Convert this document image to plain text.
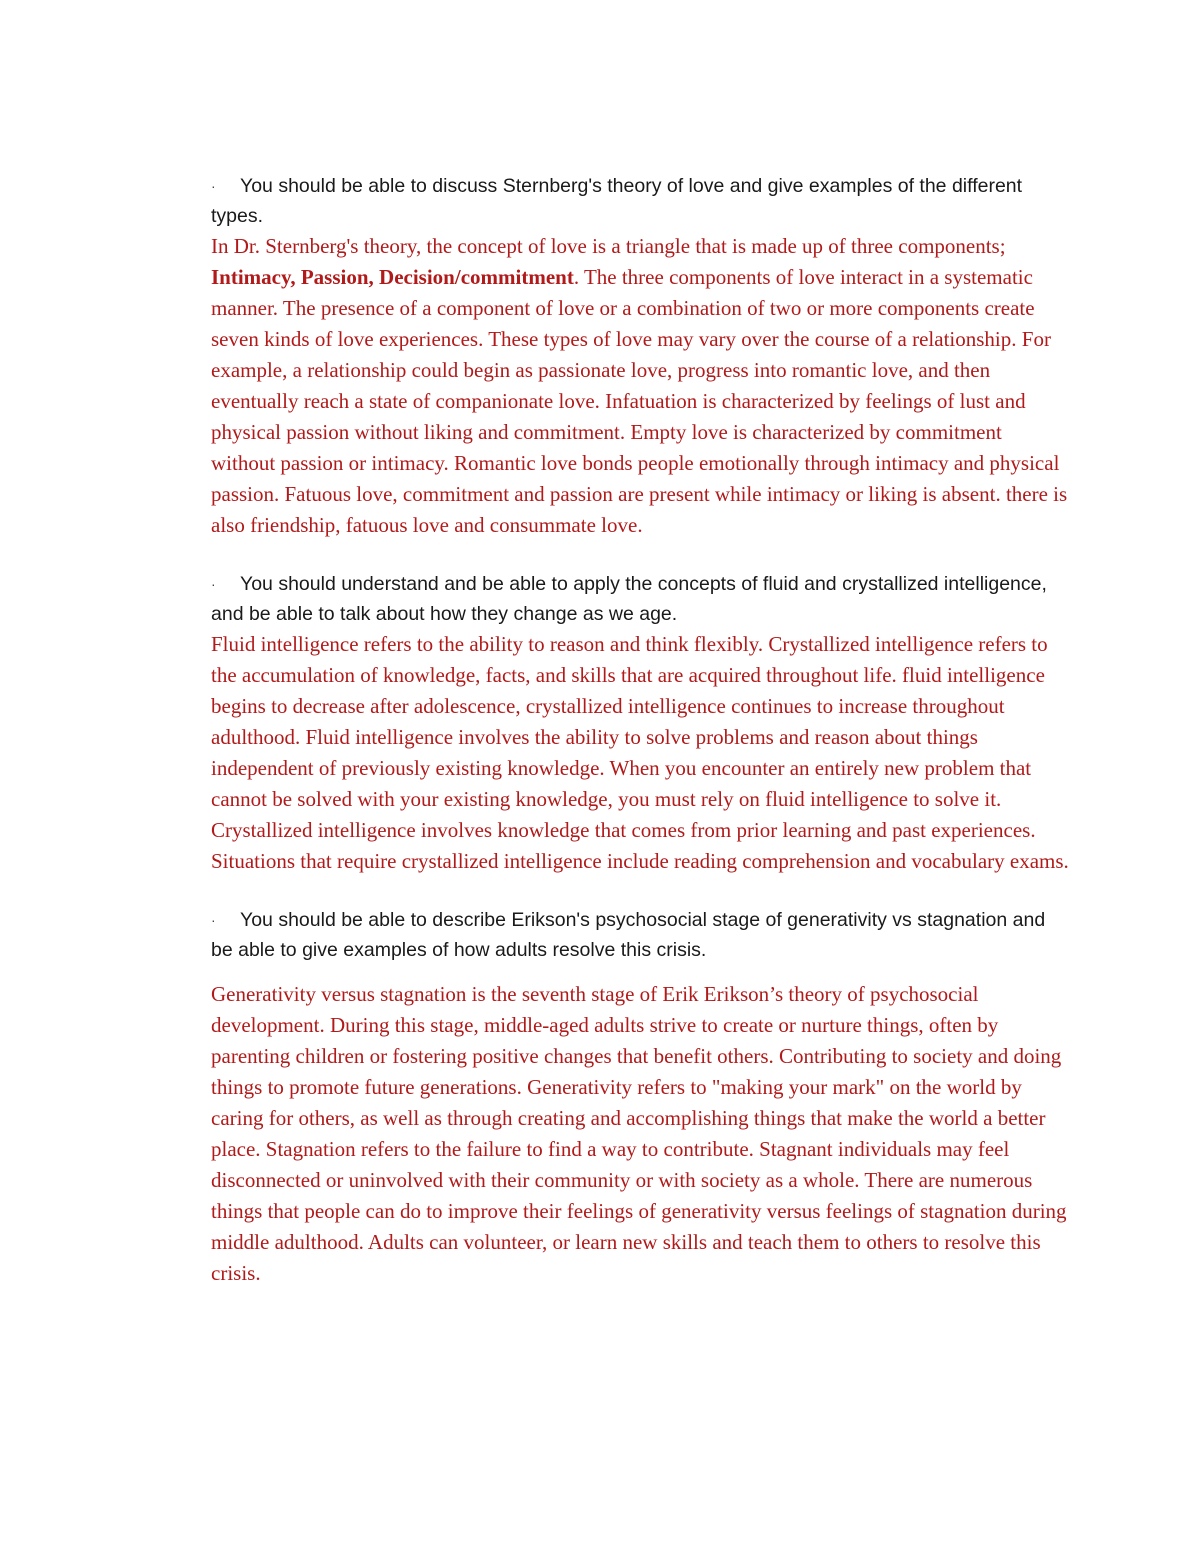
· You should be able to discuss Sternberg's theory of love and give examples of the different types.

In Dr. Sternberg's theory, the concept of love is a triangle that is made up of three components; Intimacy, Passion, Decision/commitment. The three components of love interact in a systematic manner. The presence of a component of love or a combination of two or more components create seven kinds of love experiences. These types of love may vary over the course of a relationship. For example, a relationship could begin as passionate love, progress into romantic love, and then eventually reach a state of companionate love. Infatuation is characterized by feelings of lust and physical passion without liking and commitment. Empty love is characterized by commitment without passion or intimacy. Romantic love bonds people emotionally through intimacy and physical passion. Fatuous love, commitment and passion are present while intimacy or liking is absent. there is also friendship, fatuous love and consummate love.

· You should understand and be able to apply the concepts of fluid and crystallized intelligence, and be able to talk about how they change as we age.

Fluid intelligence refers to the ability to reason and think flexibly. Crystallized intelligence refers to the accumulation of knowledge, facts, and skills that are acquired throughout life. fluid intelligence begins to decrease after adolescence, crystallized intelligence continues to increase throughout adulthood. Fluid intelligence involves the ability to solve problems and reason about things independent of previously existing knowledge. When you encounter an entirely new problem that cannot be solved with your existing knowledge, you must rely on fluid intelligence to solve it. Crystallized intelligence involves knowledge that comes from prior learning and past experiences. Situations that require crystallized intelligence include reading comprehension and vocabulary exams.

· You should be able to describe Erikson's psychosocial stage of generativity vs stagnation and be able to give examples of how adults resolve this crisis.

Generativity versus stagnation is the seventh stage of Erik Erikson’s theory of psychosocial development. During this stage, middle-aged adults strive to create or nurture things, often by parenting children or fostering positive changes that benefit others. Contributing to society and doing things to promote future generations. Generativity refers to "making your mark" on the world by caring for others, as well as through creating and accomplishing things that make the world a better place. Stagnation refers to the failure to find a way to contribute. Stagnant individuals may feel disconnected or uninvolved with their community or with society as a whole. There are numerous things that people can do to improve their feelings of generativity versus feelings of stagnation during middle adulthood. Adults can volunteer, or learn new skills and teach them to others to resolve this crisis.
